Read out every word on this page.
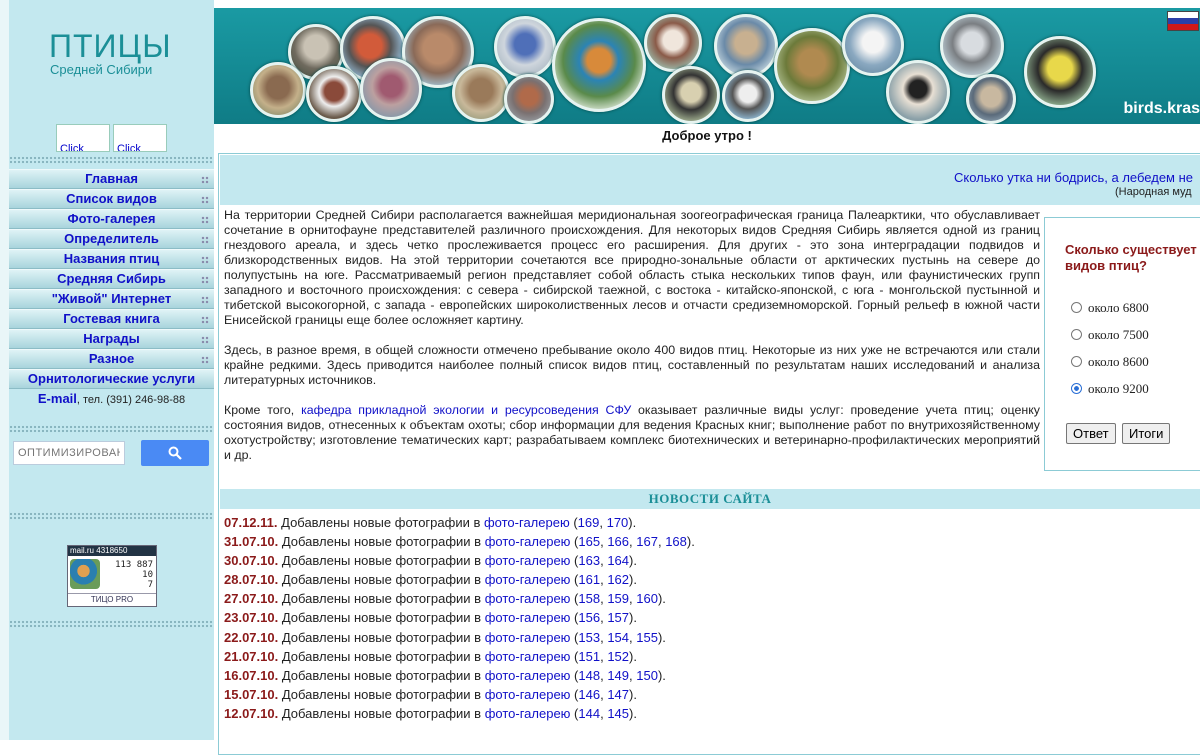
ПТИЦЫ
Средней Сибири
Click	Click
Главная
Список видов
Фото-галерея
Определитель
Названия птиц
Средняя Сибирь
"Живой" Интернет
Гостевая книга
Награды
Разное
Орнитологические услуги
E-mail, тел. (391) 246-98-88
ОПТИМИЗИРОВАН
mail.ru 4318650
113 887
10
7
ТИЦО PRO
birds.kras
Доброе утро !
Сколько утка ни бодрись, а лебедем не
(Народная муд
На территории Средней Сибири располагается важнейшая меридиональная зоогеографическая граница Палеарктики, что обуславливает сочетание в орнитофауне представителей различного происхождения. Для некоторых видов Средняя Сибирь является одной из границ гнездового ареала, и здесь четко прослеживается процесс его расширения. Для других - это зона интерградации подвидов и близкородственных видов. На этой территории сочетаются все природно-зональные области от арктических пустынь на севере до полупустынь на юге. Рассматриваемый регион представляет собой область стыка нескольких типов фаун, или фаунистических групп западного и восточного происхождения: с севера - сибирской таежной, с востока - китайско-японской, с юга - монгольской пустынной и тибетской высокогорной, с запада - европейских широколиственных лесов и отчасти средиземноморской. Горный рельеф в южной части Енисейской границы еще более осложняет картину.
Здесь, в разное время, в общей сложности отмечено пребывание около 400 видов птиц. Некоторые из них уже не встречаются или стали крайне редкими. Здесь приводится наиболее полный список видов птиц, составленный по результатам наших исследований и анализа литературных источников.
Кроме того, кафедра прикладной экологии и ресурсоведения СФУ оказывает различные виды услуг: проведение учета птиц; оценку состояния видов, отнесенных к объектам охоты; сбор информации для ведения Красных книг; выполнение работ по внутрихозяйственному охотустройству; изготовление тематических карт; разрабатываем комплекс биотехнических и ветеринарно-профилактических мероприятий и др.
Сколько существует видов птиц?
около 6800
около 7500
около 8600
около 9200
Ответ	Итоги
НОВОСТИ САЙТА
07.12.11. Добавлены новые фотографии в фото-галерею (169, 170).
31.07.10. Добавлены новые фотографии в фото-галерею (165, 166, 167, 168).
30.07.10. Добавлены новые фотографии в фото-галерею (163, 164).
28.07.10. Добавлены новые фотографии в фото-галерею (161, 162).
27.07.10. Добавлены новые фотографии в фото-галерею (158, 159, 160).
23.07.10. Добавлены новые фотографии в фото-галерею (156, 157).
22.07.10. Добавлены новые фотографии в фото-галерею (153, 154, 155).
21.07.10. Добавлены новые фотографии в фото-галерею (151, 152).
16.07.10. Добавлены новые фотографии в фото-галерею (148, 149, 150).
15.07.10. Добавлены новые фотографии в фото-галерею (146, 147).
12.07.10. Добавлены новые фотографии в фото-галерею (144, 145).
